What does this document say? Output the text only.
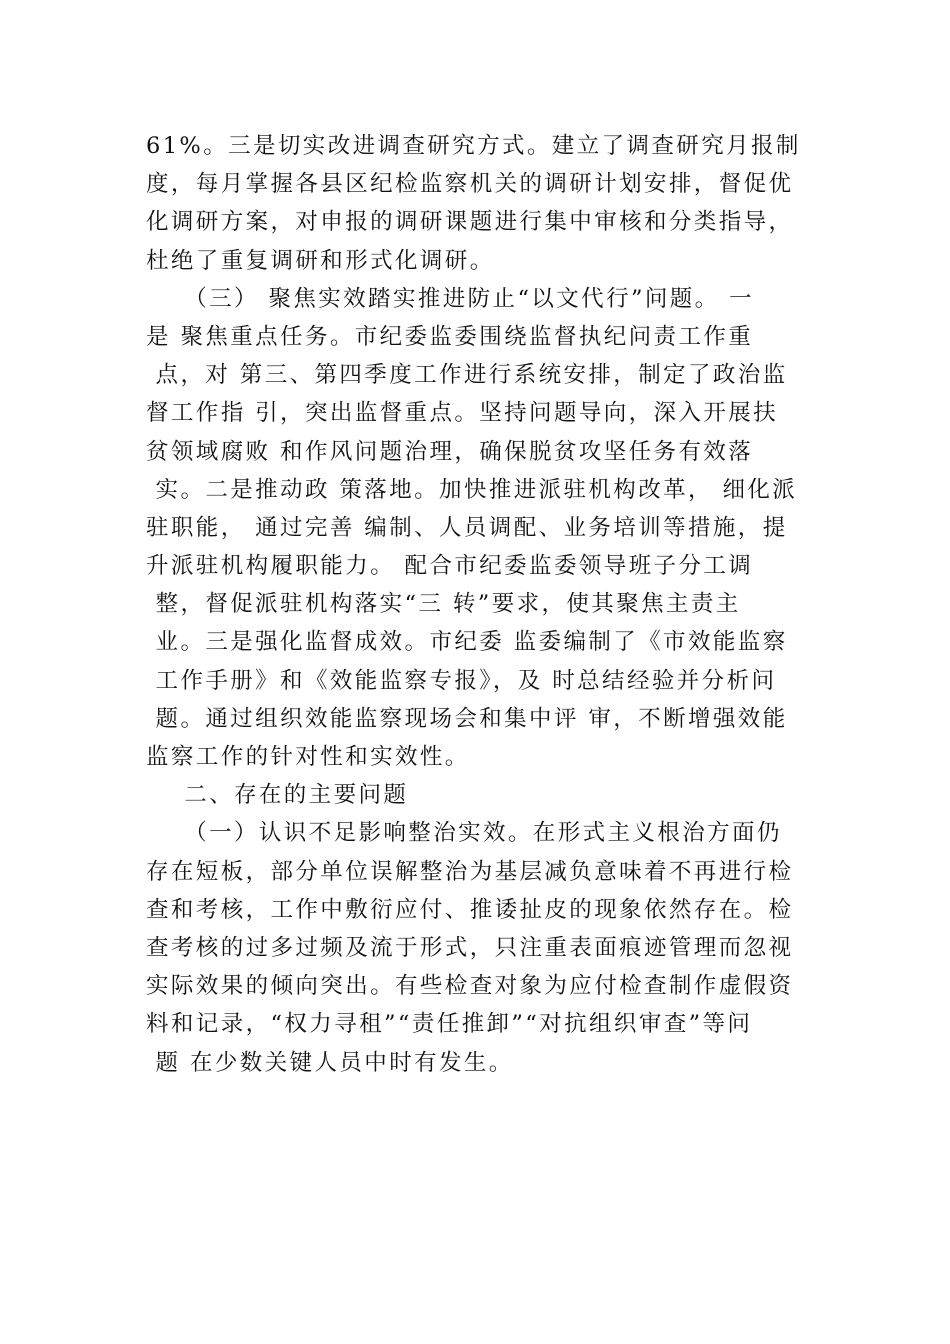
61%。三是切实改进调查研究方式。建立了调查研究月报制
度，每月掌握各县区纪检监察机关的调研计划安排，督促优
化调研方案，对申报的调研课题进行集中审核和分类指导，
杜绝了重复调研和形式化调研。
（三） 聚焦实效踏实推进防止“以文代行”问题。 一
是 聚焦重点任务。市纪委监委围绕监督执纪问责工作重
点，对 第三、第四季度工作进行系统安排，制定了政治监
督工作指 引，突出监督重点。坚持问题导向，深入开展扶
贫领域腐败 和作风问题治理，确保脱贫攻坚任务有效落
实。二是推动政 策落地。加快推进派驻机构改革， 细化派
驻职能， 通过完善 编制、人员调配、业务培训等措施，提
升派驻机构履职能力。 配合市纪委监委领导班子分工调
整，督促派驻机构落实“三 转”要求，使其聚焦主责主
业。三是强化监督成效。市纪委 监委编制了《市效能监察
工作手册》和《效能监察专报》，及 时总结经验并分析问
题。通过组织效能监察现场会和集中评 审，不断增强效能
监察工作的针对性和实效性。
二、存在的主要问题
（一）认识不足影响整治实效。在形式主义根治方面仍
存在短板，部分单位误解整治为基层减负意味着不再进行检
查和考核，工作中敷衍应付、推诿扯皮的现象依然存在。检
查考核的过多过频及流于形式，只注重表面痕迹管理而忽视
实际效果的倾向突出。有些检查对象为应付检查制作虚假资
料和记录，“权力寻租”“责任推卸”“对抗组织审查”等问
题 在少数关键人员中时有发生。
